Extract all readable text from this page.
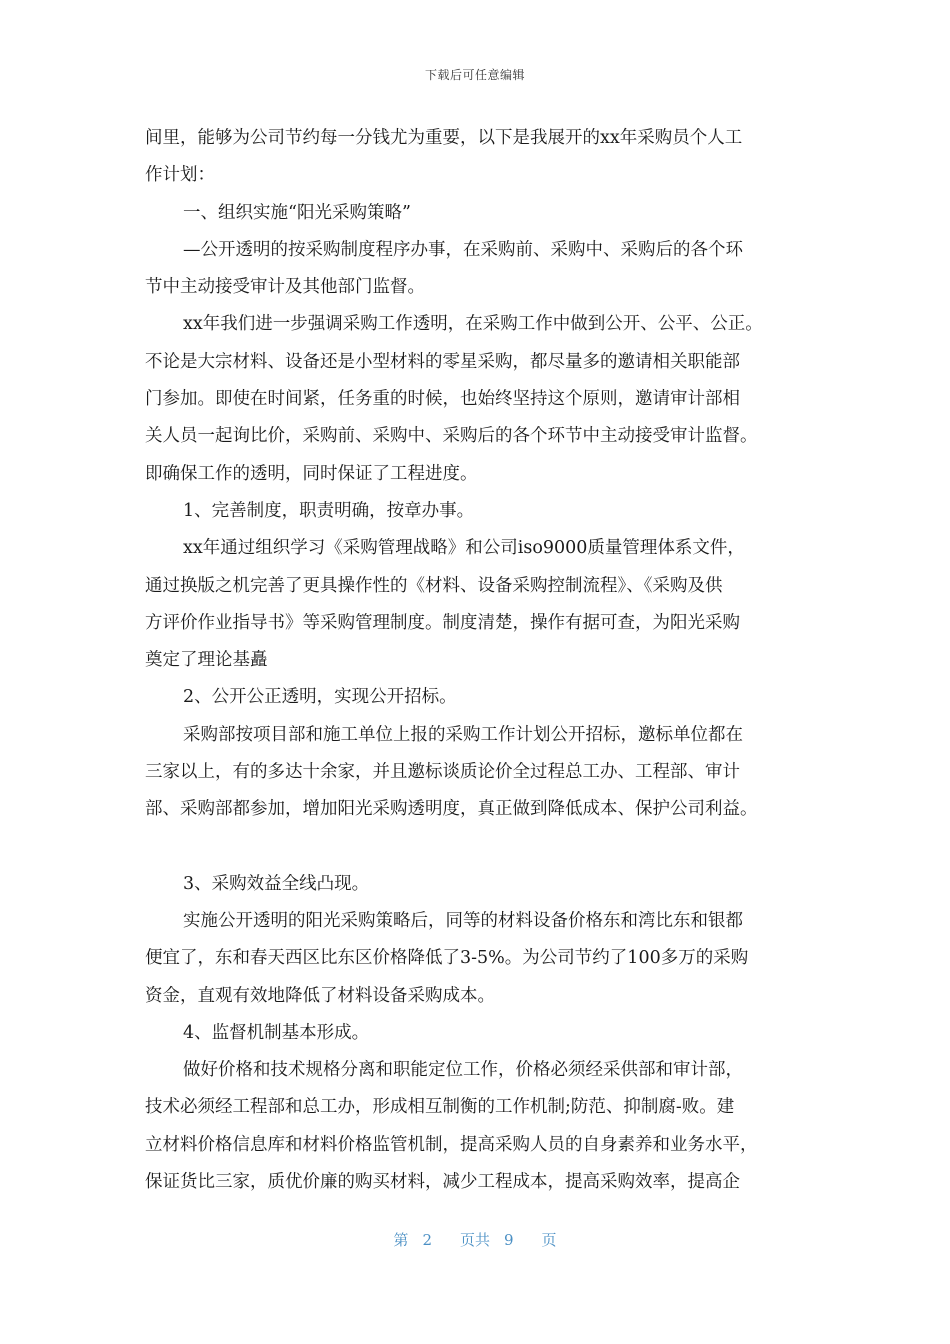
下载后可任意编辑

间里，能够为公司节约每一分钱尤为重要，以下是我展开的xx年采购员个人工

作计划：

一、组织实施“阳光采购策略”

—公开透明的按采购制度程序办事，在采购前、采购中、采购后的各个环

节中主动接受审计及其他部门监督。

xx年我们进一步强调采购工作透明，在采购工作中做到公开、公平、公正。

不论是大宗材料、设备还是小型材料的零星采购，都尽量多的邀请相关职能部

门参加。即使在时间紧，任务重的时候，也始终坚持这个原则，邀请审计部相

关人员一起询比价，采购前、采购中、采购后的各个环节中主动接受审计监督。

即确保工作的透明，同时保证了工程进度。

1、完善制度，职责明确，按章办事。

xx年通过组织学习《采购管理战略》和公司iso9000质量管理体系文件，

通过换版之机完善了更具操作性的《材料、设备采购控制流程》、《采购及供

方评价作业指导书》等采购管理制度。制度清楚，操作有据可查，为阳光采购

奠定了理论基矗

2、公开公正透明，实现公开招标。

采购部按项目部和施工单位上报的采购工作计划公开招标，邀标单位都在

三家以上，有的多达十余家，并且邀标谈质论价全过程总工办、工程部、审计

部、采购部都参加，增加阳光采购透明度，真正做到降低成本、保护公司利益。

3、采购效益全线凸现。

实施公开透明的阳光采购策略后，同等的材料设备价格东和湾比东和银都

便宜了，东和春天西区比东区价格降低了3-5%。为公司节约了100多万的采购

资金，直观有效地降低了材料设备采购成本。

4、监督机制基本形成。

做好价格和技术规格分离和职能定位工作，价格必须经采供部和审计部，

技术必须经工程部和总工办，形成相互制衡的工作机制;防范、抑制腐-败。建

立材料价格信息库和材料价格监管机制，提高采购人员的自身素养和业务水平，

保证货比三家，质优价廉的购买材料，减少工程成本，提高采购效率，提高企

第 2 页共 9 页
